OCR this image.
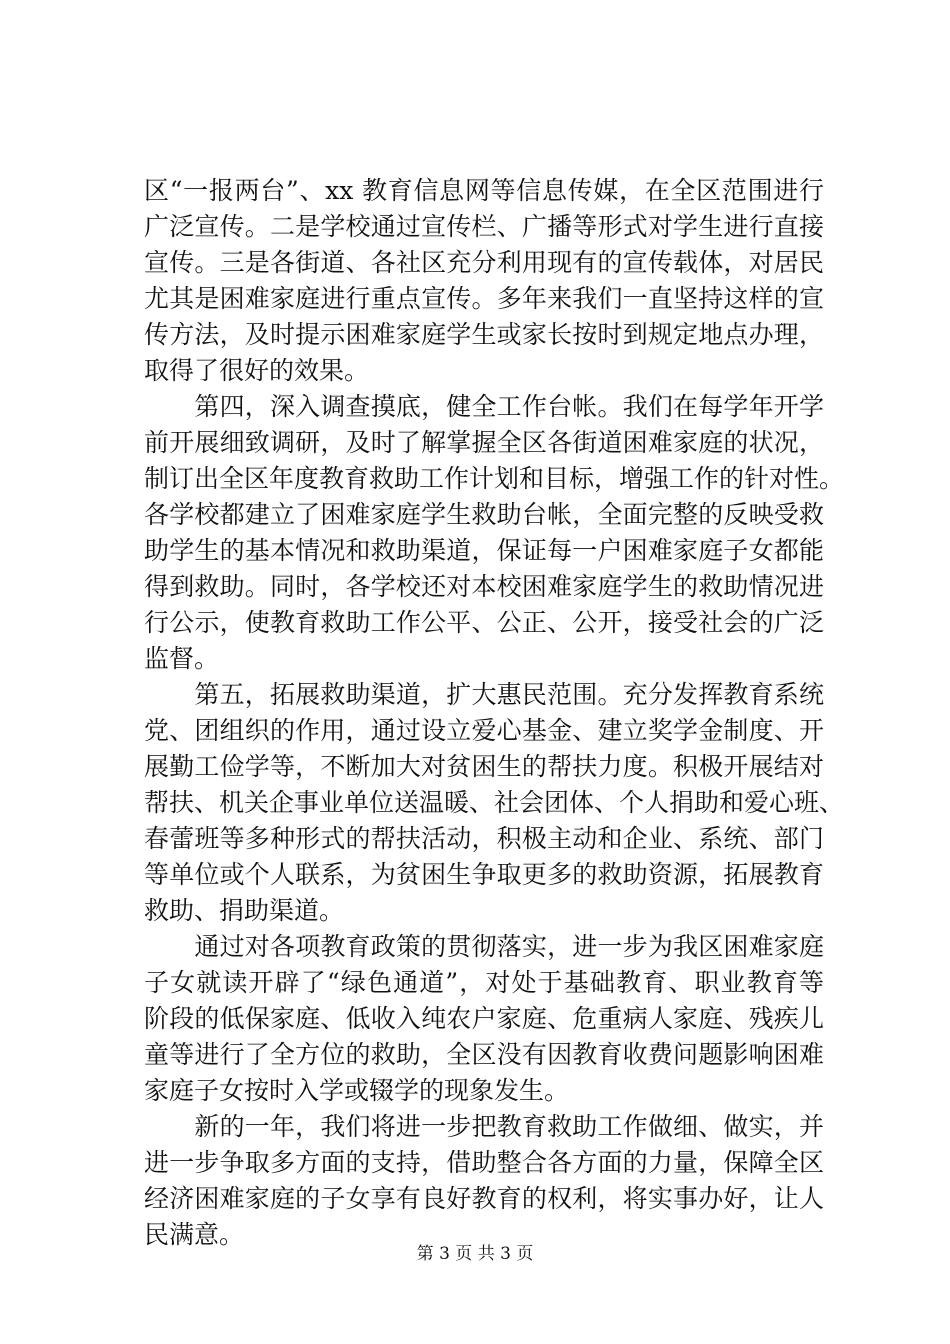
区“一报两台”、xx 教育信息网等信息传媒，在全区范围进行
广泛宣传。二是学校通过宣传栏、广播等形式对学生进行直接
宣传。三是各街道、各社区充分利用现有的宣传载体，对居民
尤其是困难家庭进行重点宣传。多年来我们一直坚持这样的宣
传方法，及时提示困难家庭学生或家长按时到规定地点办理，
取得了很好的效果。
　　第四，深入调查摸底，健全工作台帐。我们在每学年开学
前开展细致调研，及时了解掌握全区各街道困难家庭的状况，
制订出全区年度教育救助工作计划和目标，增强工作的针对性。
各学校都建立了困难家庭学生救助台帐，全面完整的反映受救
助学生的基本情况和救助渠道，保证每一户困难家庭子女都能
得到救助。同时，各学校还对本校困难家庭学生的救助情况进
行公示，使教育救助工作公平、公正、公开，接受社会的广泛
监督。
　　第五，拓展救助渠道，扩大惠民范围。充分发挥教育系统
党、团组织的作用，通过设立爱心基金、建立奖学金制度、开
展勤工俭学等，不断加大对贫困生的帮扶力度。积极开展结对
帮扶、机关企事业单位送温暖、社会团体、个人捐助和爱心班、
春蕾班等多种形式的帮扶活动，积极主动和企业、系统、部门
等单位或个人联系，为贫困生争取更多的救助资源，拓展教育
救助、捐助渠道。
　　通过对各项教育政策的贯彻落实，进一步为我区困难家庭
子女就读开辟了“绿色通道”，对处于基础教育、职业教育等
阶段的低保家庭、低收入纯农户家庭、危重病人家庭、残疾儿
童等进行了全方位的救助，全区没有因教育收费问题影响困难
家庭子女按时入学或辍学的现象发生。
　　新的一年，我们将进一步把教育救助工作做细、做实，并
进一步争取多方面的支持，借助整合各方面的力量，保障全区
经济困难家庭的子女享有良好教育的权利，将实事办好，让人
民满意。
第 3 页 共 3 页
